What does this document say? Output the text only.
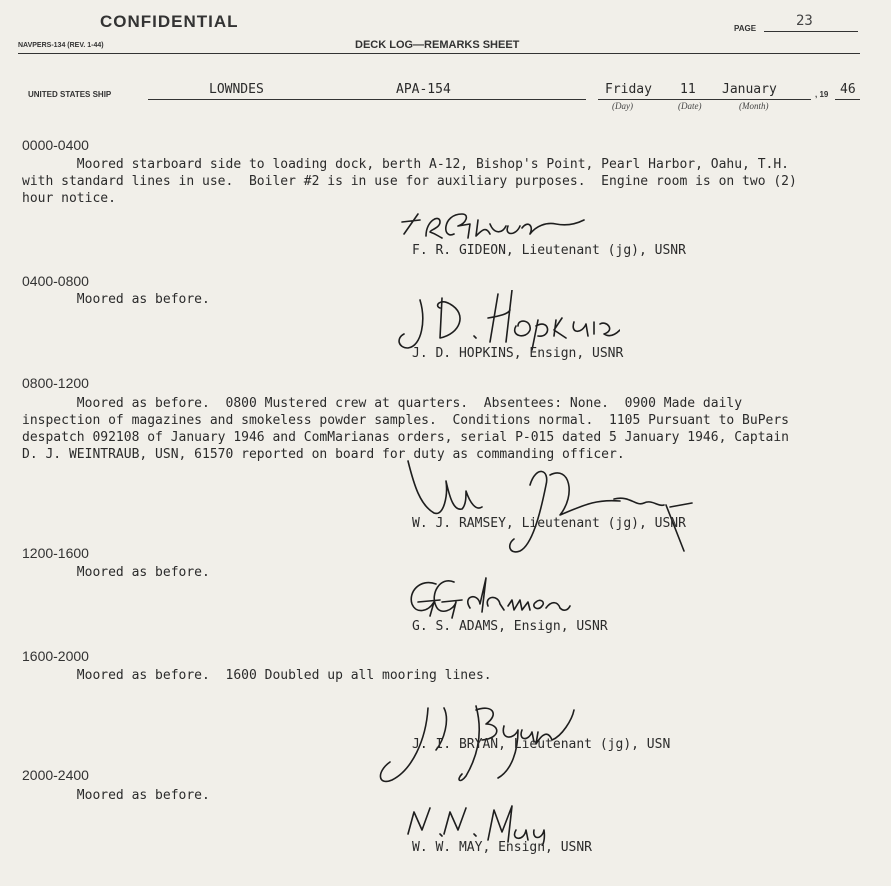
CONFIDENTIAL	PAGE	23
NAVPERS-134 (REV. 1-44)	DECK LOG—REMARKS SHEET
UNITED STATES SHIP	LOWNDES	APA-154	Friday 11 January	, 19 46
(Day)	(Date)	(Month)
0000-0400
Moored starboard side to loading dock, berth A-12, Bishop's Point, Pearl Harbor, Oahu, T.H.
with standard lines in use.  Boiler #2 is in use for auxiliary purposes.  Engine room is on two (2)
hour notice.
F. R. GIDEON, Lieutenant (jg), USNR
0400-0800
Moored as before.
J. D. HOPKINS, Ensign, USNR
0800-1200
Moored as before.  0800 Mustered crew at quarters.  Absentees: None.  0900 Made daily
inspection of magazines and smokeless powder samples.  Conditions normal.  1105 Pursuant to BuPers
despatch 092108 of January 1946 and ComMarianas orders, serial P-015 dated 5 January 1946, Captain
D. J. WEINTRAUB, USN, 61570 reported on board for duty as commanding officer.
W. J. RAMSEY, Lieutenant (jg), USNR
1200-1600
Moored as before.
G. S. ADAMS, Ensign, USNR
1600-2000
Moored as before.  1600 Doubled up all mooring lines.
J. I. BRYAN, Lieutenant (jg), USN
2000-2400
Moored as before.
W. W. MAY, Ensign, USNR
